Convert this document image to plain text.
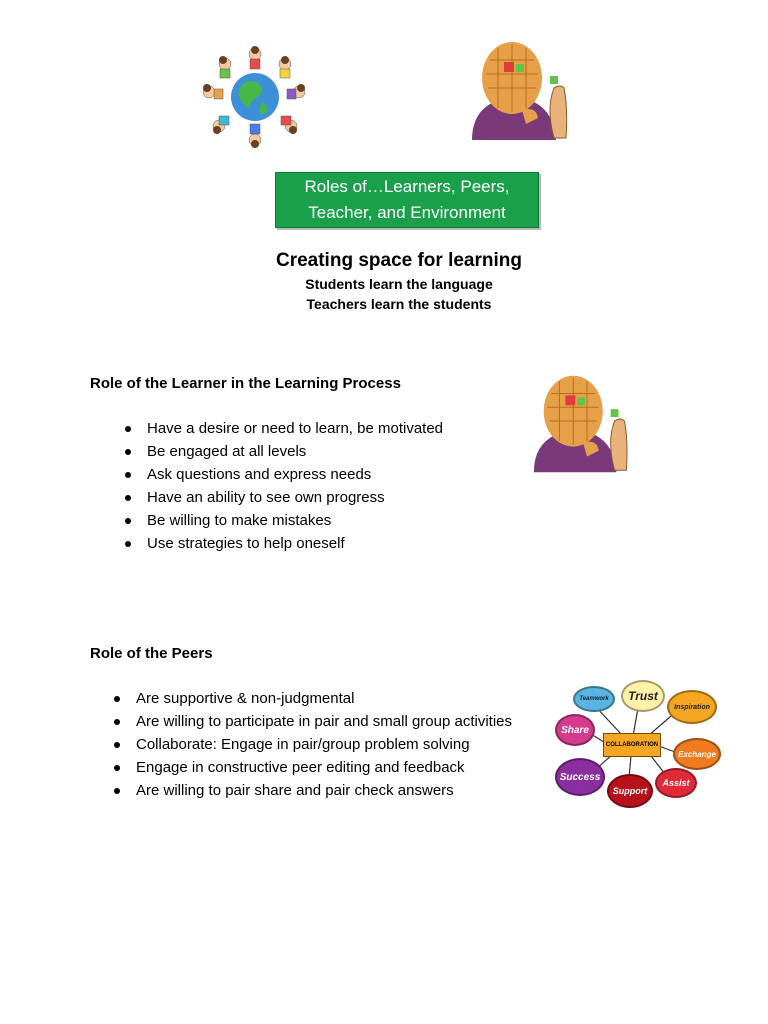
Roles of…Learners, Peers,
Teacher, and Environment
Creating space for learning
Students learn the language
Teachers learn the students
Role of the Learner in the Learning Process
Have a desire or need to learn, be motivated
Be engaged at all levels
Ask questions and express needs
Have an ability to see own progress
Be willing to make mistakes
Use strategies to help oneself
Role of the Peers
Are supportive & non-judgmental
Are willing to participate in pair and small group activities
Collaborate: Engage in pair/group problem solving
Engage in constructive peer editing and feedback
Are willing to pair share and pair check answers
COLLABORATION
Teamwork	Trust
Inspiration
Share
Exchange
Success
Support
Assist
